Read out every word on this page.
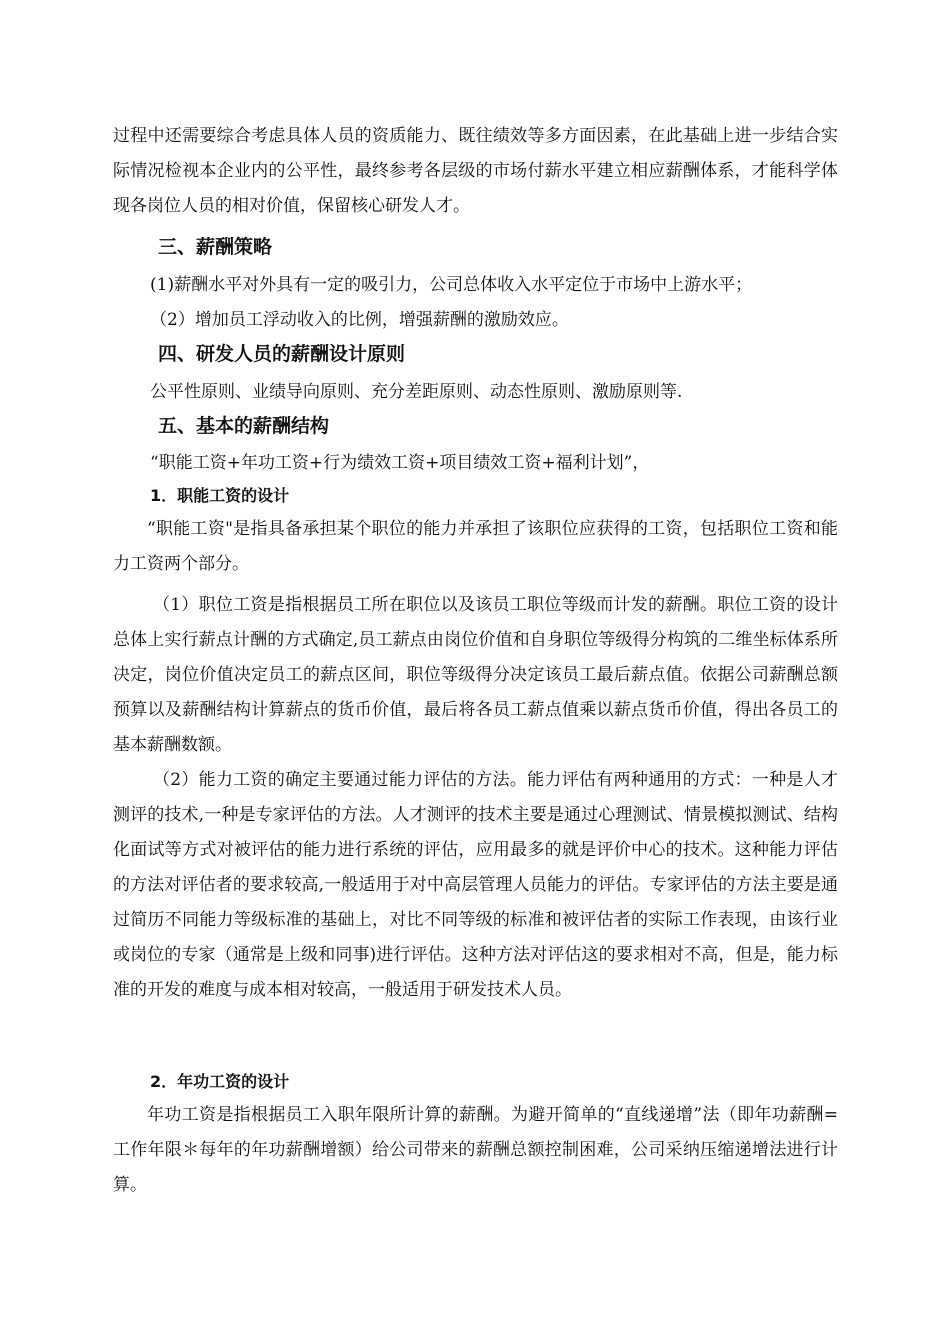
过程中还需要综合考虑具体人员的资质能力、既往绩效等多方面因素，在此基础上进一步结合实际情况检视本企业内的公平性，最终参考各层级的市场付薪水平建立相应薪酬体系，才能科学体现各岗位人员的相对价值，保留核心研发人才。

三、薪酬策略

(1)薪酬水平对外具有一定的吸引力，公司总体收入水平定位于市场中上游水平；

（2）增加员工浮动收入的比例，增强薪酬的激励效应。

四、研发人员的薪酬设计原则

公平性原则、业绩导向原则、充分差距原则、动态性原则、激励原则等.

五、基本的薪酬结构

“职能工资+年功工资+行为绩效工资+项目绩效工资+福利计划”，

1．职能工资的设计

“职能工资"是指具备承担某个职位的能力并承担了该职位应获得的工资，包括职位工资和能力工资两个部分。

（1）职位工资是指根据员工所在职位以及该员工职位等级而计发的薪酬。职位工资的设计总体上实行薪点计酬的方式确定,员工薪点由岗位价值和自身职位等级得分构筑的二维坐标体系所决定，岗位价值决定员工的薪点区间，职位等级得分决定该员工最后薪点值。依据公司薪酬总额预算以及薪酬结构计算薪点的货币价值，最后将各员工薪点值乘以薪点货币价值，得出各员工的基本薪酬数额。

（2）能力工资的确定主要通过能力评估的方法。能力评估有两种通用的方式：一种是人才测评的技术,一种是专家评估的方法。人才测评的技术主要是通过心理测试、情景模拟测试、结构化面试等方式对被评估的能力进行系统的评估，应用最多的就是评价中心的技术。这种能力评估的方法对评估者的要求较高,一般适用于对中高层管理人员能力的评估。专家评估的方法主要是通过简历不同能力等级标准的基础上，对比不同等级的标准和被评估者的实际工作表现，由该行业或岗位的专家（通常是上级和同事)进行评估。这种方法对评估这的要求相对不高，但是，能力标准的开发的难度与成本相对较高，一般适用于研发技术人员。

2．年功工资的设计

年功工资是指根据员工入职年限所计算的薪酬。为避开简单的“直线递增”法（即年功薪酬=工作年限＊每年的年功薪酬增额）给公司带来的薪酬总额控制困难，公司采纳压缩递增法进行计算。
